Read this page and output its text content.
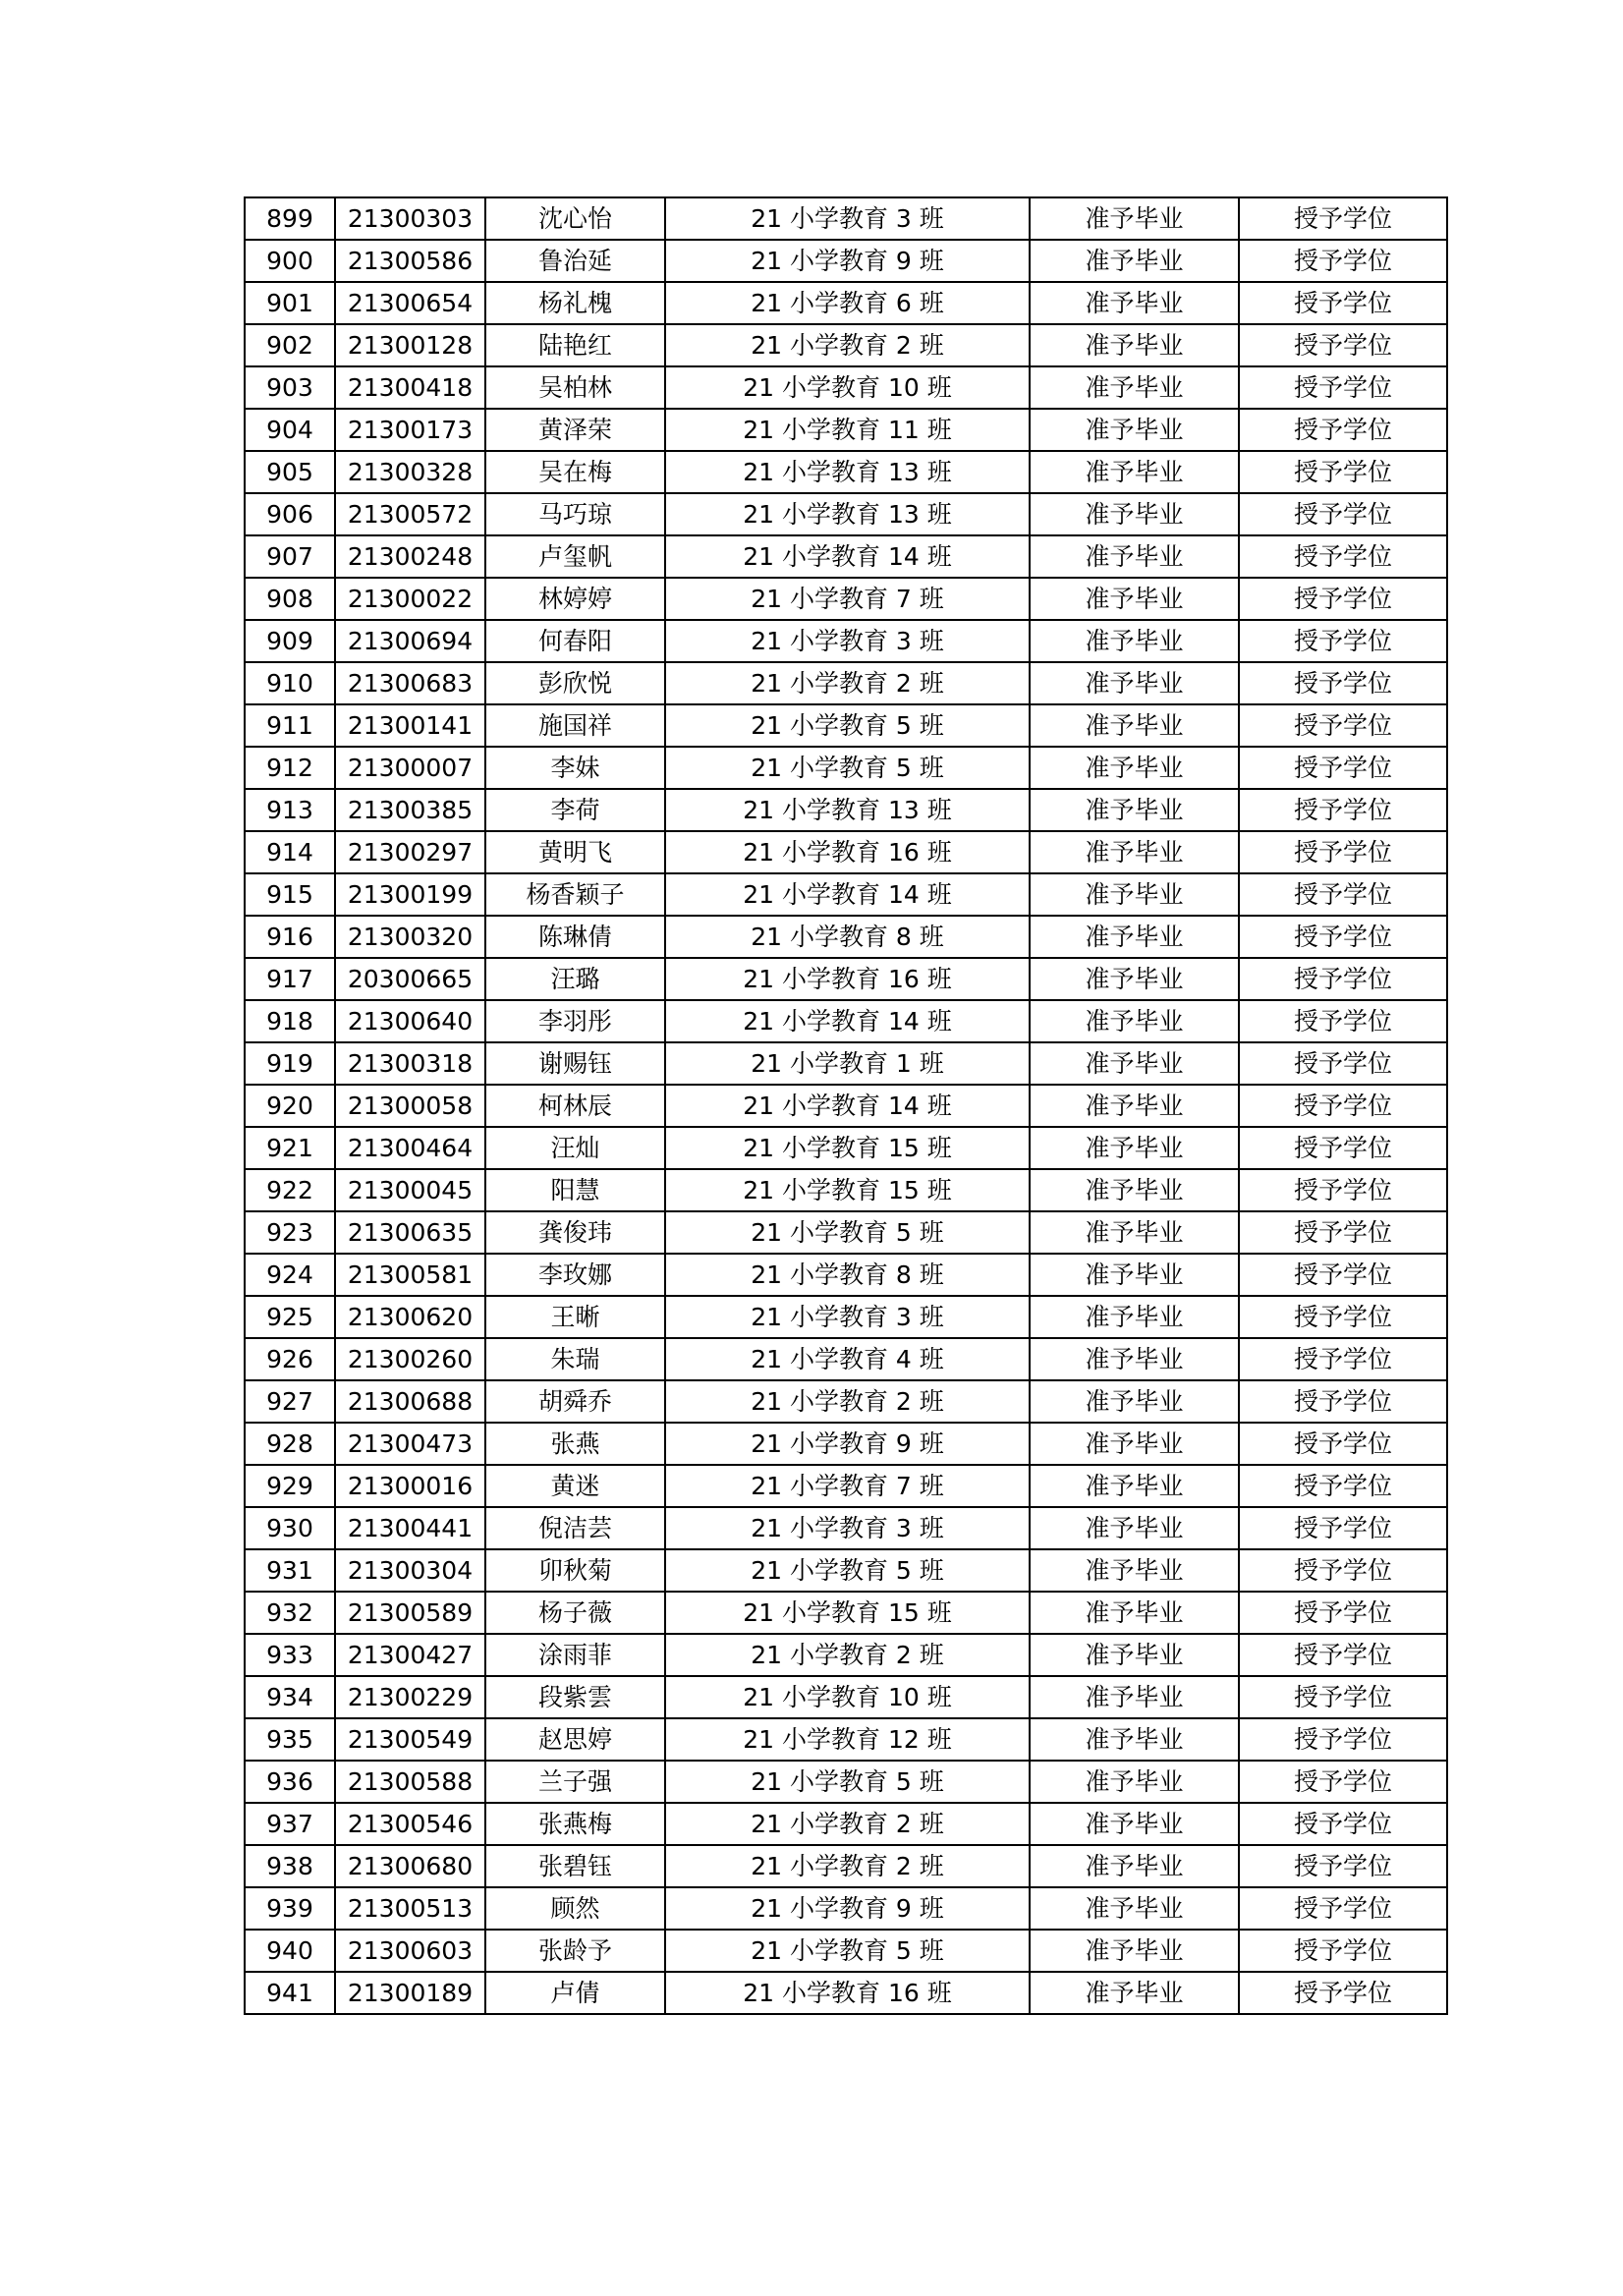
899	21300303	沈心怡	21 小学教育 3 班	准予毕业	授予学位
900	21300586	鲁治延	21 小学教育 9 班	准予毕业	授予学位
901	21300654	杨礼槐	21 小学教育 6 班	准予毕业	授予学位
902	21300128	陆艳红	21 小学教育 2 班	准予毕业	授予学位
903	21300418	吴柏林	21 小学教育 10 班	准予毕业	授予学位
904	21300173	黄泽荣	21 小学教育 11 班	准予毕业	授予学位
905	21300328	吴在梅	21 小学教育 13 班	准予毕业	授予学位
906	21300572	马巧琼	21 小学教育 13 班	准予毕业	授予学位
907	21300248	卢玺帆	21 小学教育 14 班	准予毕业	授予学位
908	21300022	林婷婷	21 小学教育 7 班	准予毕业	授予学位
909	21300694	何春阳	21 小学教育 3 班	准予毕业	授予学位
910	21300683	彭欣悦	21 小学教育 2 班	准予毕业	授予学位
911	21300141	施国祥	21 小学教育 5 班	准予毕业	授予学位
912	21300007	李妹	21 小学教育 5 班	准予毕业	授予学位
913	21300385	李荷	21 小学教育 13 班	准予毕业	授予学位
914	21300297	黄明飞	21 小学教育 16 班	准予毕业	授予学位
915	21300199	杨香颖子	21 小学教育 14 班	准予毕业	授予学位
916	21300320	陈琳倩	21 小学教育 8 班	准予毕业	授予学位
917	20300665	汪璐	21 小学教育 16 班	准予毕业	授予学位
918	21300640	李羽彤	21 小学教育 14 班	准予毕业	授予学位
919	21300318	谢赐钰	21 小学教育 1 班	准予毕业	授予学位
920	21300058	柯林辰	21 小学教育 14 班	准予毕业	授予学位
921	21300464	汪灿	21 小学教育 15 班	准予毕业	授予学位
922	21300045	阳慧	21 小学教育 15 班	准予毕业	授予学位
923	21300635	龚俊玮	21 小学教育 5 班	准予毕业	授予学位
924	21300581	李玫娜	21 小学教育 8 班	准予毕业	授予学位
925	21300620	王晰	21 小学教育 3 班	准予毕业	授予学位
926	21300260	朱瑞	21 小学教育 4 班	准予毕业	授予学位
927	21300688	胡舜乔	21 小学教育 2 班	准予毕业	授予学位
928	21300473	张燕	21 小学教育 9 班	准予毕业	授予学位
929	21300016	黄迷	21 小学教育 7 班	准予毕业	授予学位
930	21300441	倪洁芸	21 小学教育 3 班	准予毕业	授予学位
931	21300304	卯秋菊	21 小学教育 5 班	准予毕业	授予学位
932	21300589	杨子薇	21 小学教育 15 班	准予毕业	授予学位
933	21300427	涂雨菲	21 小学教育 2 班	准予毕业	授予学位
934	21300229	段紫雲	21 小学教育 10 班	准予毕业	授予学位
935	21300549	赵思婷	21 小学教育 12 班	准予毕业	授予学位
936	21300588	兰子强	21 小学教育 5 班	准予毕业	授予学位
937	21300546	张燕梅	21 小学教育 2 班	准予毕业	授予学位
938	21300680	张碧钰	21 小学教育 2 班	准予毕业	授予学位
939	21300513	顾然	21 小学教育 9 班	准予毕业	授予学位
940	21300603	张龄予	21 小学教育 5 班	准予毕业	授予学位
941	21300189	卢倩	21 小学教育 16 班	准予毕业	授予学位
